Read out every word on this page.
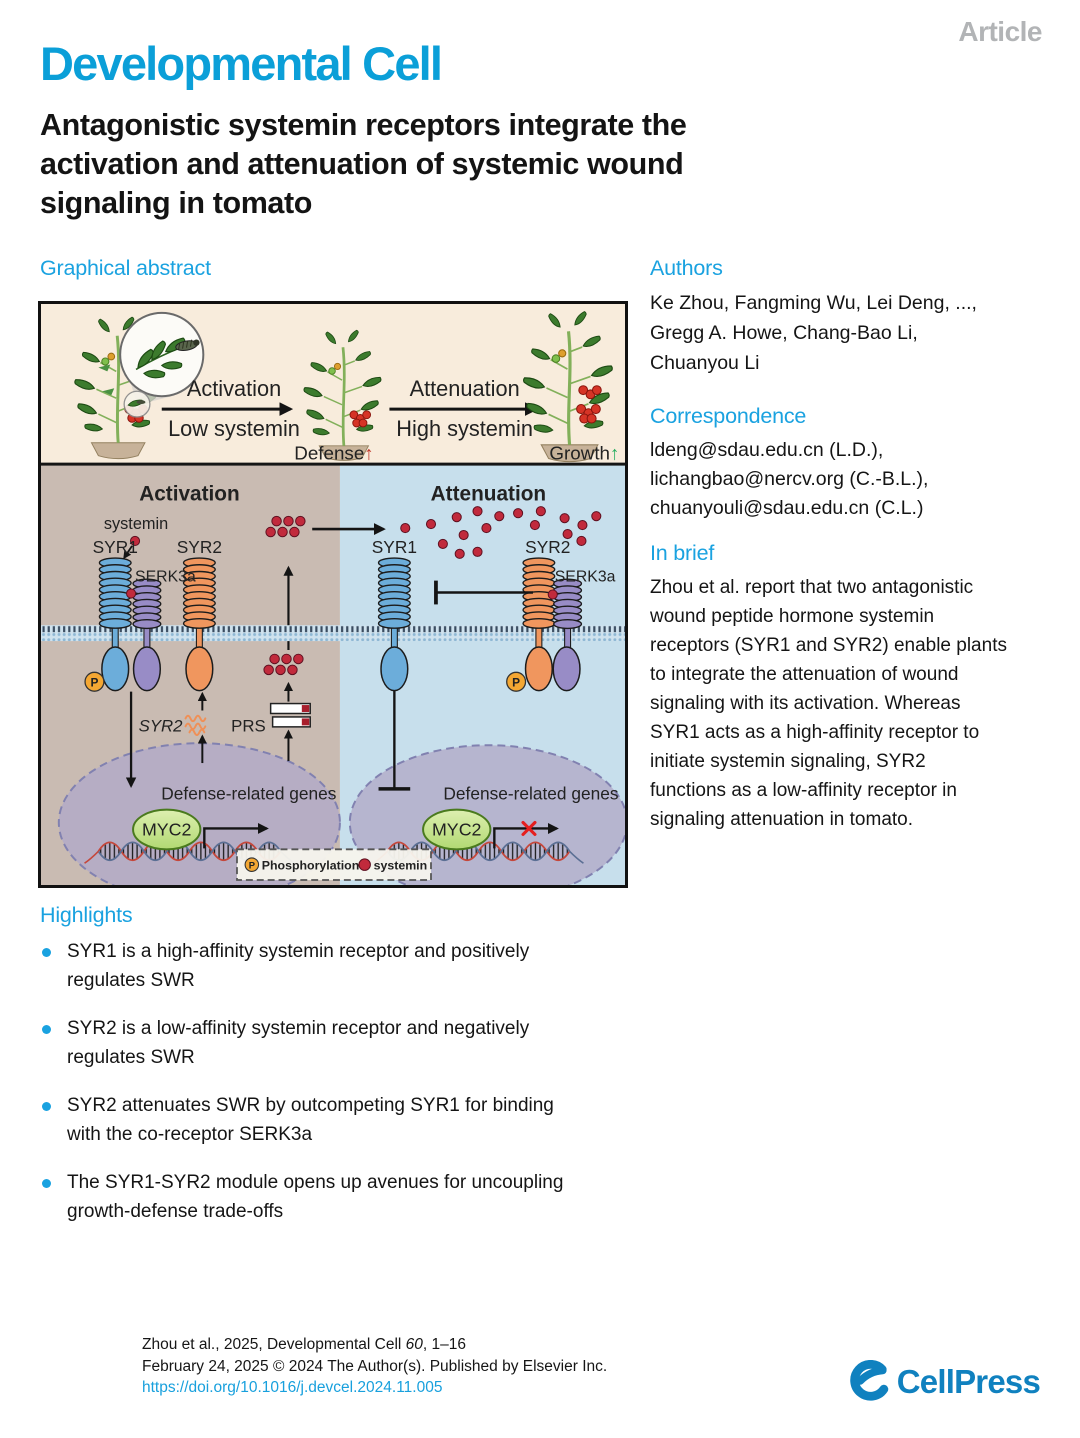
Article
Developmental Cell
Antagonistic systemin receptors integrate the
activation and attenuation of systemic wound
signaling in tomato
Graphical abstract
Activation
Low systemin
Attenuation
High systemin
Defense↑	Growth↑
Defense-related genes	Defense-related genes
MYC2	MYC2
P
systemin
SYR1
SERK3a
SYR2
Activation	Attenuation
SYR2	PRS
P
SYR1	SYR2
SERK3a
P Phosphorylation systemin
Authors
Ke Zhou, Fangming Wu, Lei Deng, ...,
Gregg A. Howe, Chang-Bao Li,
Chuanyou Li
Correspondence
ldeng@sdau.edu.cn (L.D.),
lichangbao@nercv.org (C.-B.L.),
chuanyouli@sdau.edu.cn (C.L.)
In brief
Zhou et al. report that two antagonistic
wound peptide hormone systemin
receptors (SYR1 and SYR2) enable plants
to integrate the attenuation of wound
signaling with its activation. Whereas
SYR1 acts as a high-affinity receptor to
initiate systemin signaling, SYR2
functions as a low-affinity receptor in
signaling attenuation in tomato.
Highlights
SYR1 is a high-affinity systemin receptor and positively
regulates SWR
SYR2 is a low-affinity systemin receptor and negatively
regulates SWR
SYR2 attenuates SWR by outcompeting SYR1 for binding
with the co-receptor SERK3a
The SYR1-SYR2 module opens up avenues for uncoupling
growth-defense trade-offs
Zhou et al., 2025, Developmental Cell 60, 1–16
February 24, 2025 © 2024 The Author(s). Published by Elsevier Inc.
https://doi.org/10.1016/j.devcel.2024.11.005	CellPress
